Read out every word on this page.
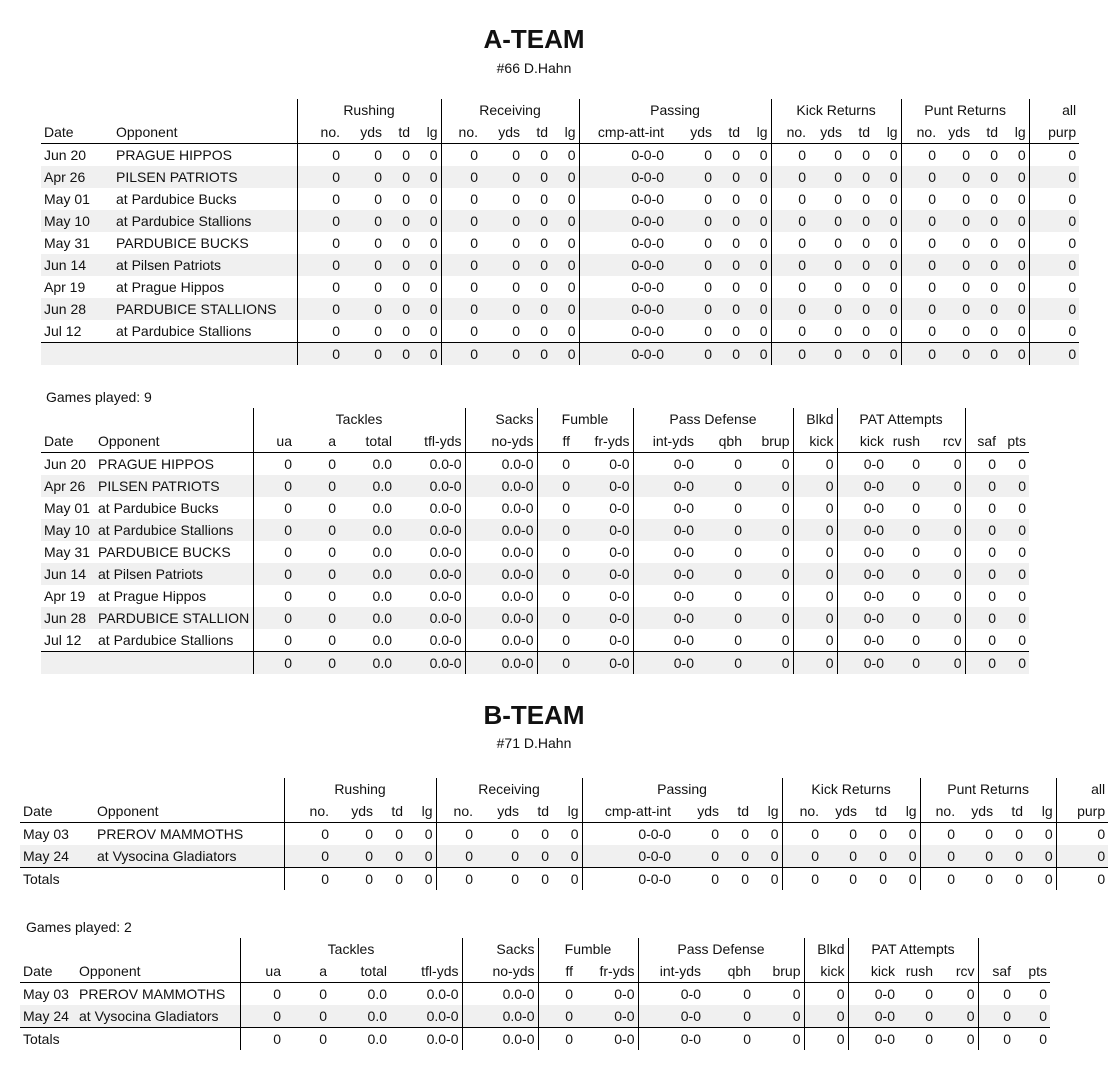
A-TEAM
#66 D.Hahn
		Rushing				Receiving				Passing				Kick Returns				Punt Returns				all
Date	Opponent	no.	yds	td	lg	no.	yds	td	lg	cmp-att-int	yds	td	lg	no.	yds	td	lg	no.	yds	td	lg	purp
Jun 20	PRAGUE HIPPOS	0	0	0	0	0	0	0	0	0-0-0	0	0	0	0	0	0	0	0	0	0	0	0
Apr 26	PILSEN PATRIOTS	0	0	0	0	0	0	0	0	0-0-0	0	0	0	0	0	0	0	0	0	0	0	0
May 01	at Pardubice Bucks	0	0	0	0	0	0	0	0	0-0-0	0	0	0	0	0	0	0	0	0	0	0	0
May 10	at Pardubice Stallions	0	0	0	0	0	0	0	0	0-0-0	0	0	0	0	0	0	0	0	0	0	0	0
May 31	PARDUBICE BUCKS	0	0	0	0	0	0	0	0	0-0-0	0	0	0	0	0	0	0	0	0	0	0	0
Jun 14	at Pilsen Patriots	0	0	0	0	0	0	0	0	0-0-0	0	0	0	0	0	0	0	0	0	0	0	0
Apr 19	at Prague Hippos	0	0	0	0	0	0	0	0	0-0-0	0	0	0	0	0	0	0	0	0	0	0	0
Jun 28	PARDUBICE STALLIONS	0	0	0	0	0	0	0	0	0-0-0	0	0	0	0	0	0	0	0	0	0	0	0
Jul 12	at Pardubice Stallions	0	0	0	0	0	0	0	0	0-0-0	0	0	0	0	0	0	0	0	0	0	0	0
		0	0	0	0	0	0	0	0	0-0-0	0	0	0	0	0	0	0	0	0	0	0	0
Games played: 9
		Tackles				Sacks	Fumble		Pass Defense			Blkd	PAT Attempts				
Date	Opponent	ua	a	total	tfl-yds	no-yds	ff	fr-yds	int-yds	qbh	brup	kick	kick	rush	rcv	saf	pts
Jun 20	PRAGUE HIPPOS	0	0	0.0	0.0-0	0.0-0	0	0-0	0-0	0	0	0	0-0	0	0	0	0
Apr 26	PILSEN PATRIOTS	0	0	0.0	0.0-0	0.0-0	0	0-0	0-0	0	0	0	0-0	0	0	0	0
May 01	at Pardubice Bucks	0	0	0.0	0.0-0	0.0-0	0	0-0	0-0	0	0	0	0-0	0	0	0	0
May 10	at Pardubice Stallions	0	0	0.0	0.0-0	0.0-0	0	0-0	0-0	0	0	0	0-0	0	0	0	0
May 31	PARDUBICE BUCKS	0	0	0.0	0.0-0	0.0-0	0	0-0	0-0	0	0	0	0-0	0	0	0	0
Jun 14	at Pilsen Patriots	0	0	0.0	0.0-0	0.0-0	0	0-0	0-0	0	0	0	0-0	0	0	0	0
Apr 19	at Prague Hippos	0	0	0.0	0.0-0	0.0-0	0	0-0	0-0	0	0	0	0-0	0	0	0	0
Jun 28	PARDUBICE STALLION	0	0	0.0	0.0-0	0.0-0	0	0-0	0-0	0	0	0	0-0	0	0	0	0
Jul 12	at Pardubice Stallions	0	0	0.0	0.0-0	0.0-0	0	0-0	0-0	0	0	0	0-0	0	0	0	0
		0	0	0.0	0.0-0	0.0-0	0	0-0	0-0	0	0	0	0-0	0	0	0	0
B-TEAM
#71 D.Hahn
		Rushing				Receiving				Passing				Kick Returns				Punt Returns				all
Date	Opponent	no.	yds	td	lg	no.	yds	td	lg	cmp-att-int	yds	td	lg	no.	yds	td	lg	no.	yds	td	lg	purp
May 03	PREROV MAMMOTHS	0	0	0	0	0	0	0	0	0-0-0	0	0	0	0	0	0	0	0	0	0	0	0
May 24	at Vysocina Gladiators	0	0	0	0	0	0	0	0	0-0-0	0	0	0	0	0	0	0	0	0	0	0	0
Totals		0	0	0	0	0	0	0	0	0-0-0	0	0	0	0	0	0	0	0	0	0	0	0
Games played: 2
		Tackles				Sacks	Fumble		Pass Defense			Blkd	PAT Attempts				
Date	Opponent	ua	a	total	tfl-yds	no-yds	ff	fr-yds	int-yds	qbh	brup	kick	kick	rush	rcv	saf	pts
May 03	PREROV MAMMOTHS	0	0	0.0	0.0-0	0.0-0	0	0-0	0-0	0	0	0	0-0	0	0	0	0
May 24	at Vysocina Gladiators	0	0	0.0	0.0-0	0.0-0	0	0-0	0-0	0	0	0	0-0	0	0	0	0
Totals		0	0	0.0	0.0-0	0.0-0	0	0-0	0-0	0	0	0	0-0	0	0	0	0
